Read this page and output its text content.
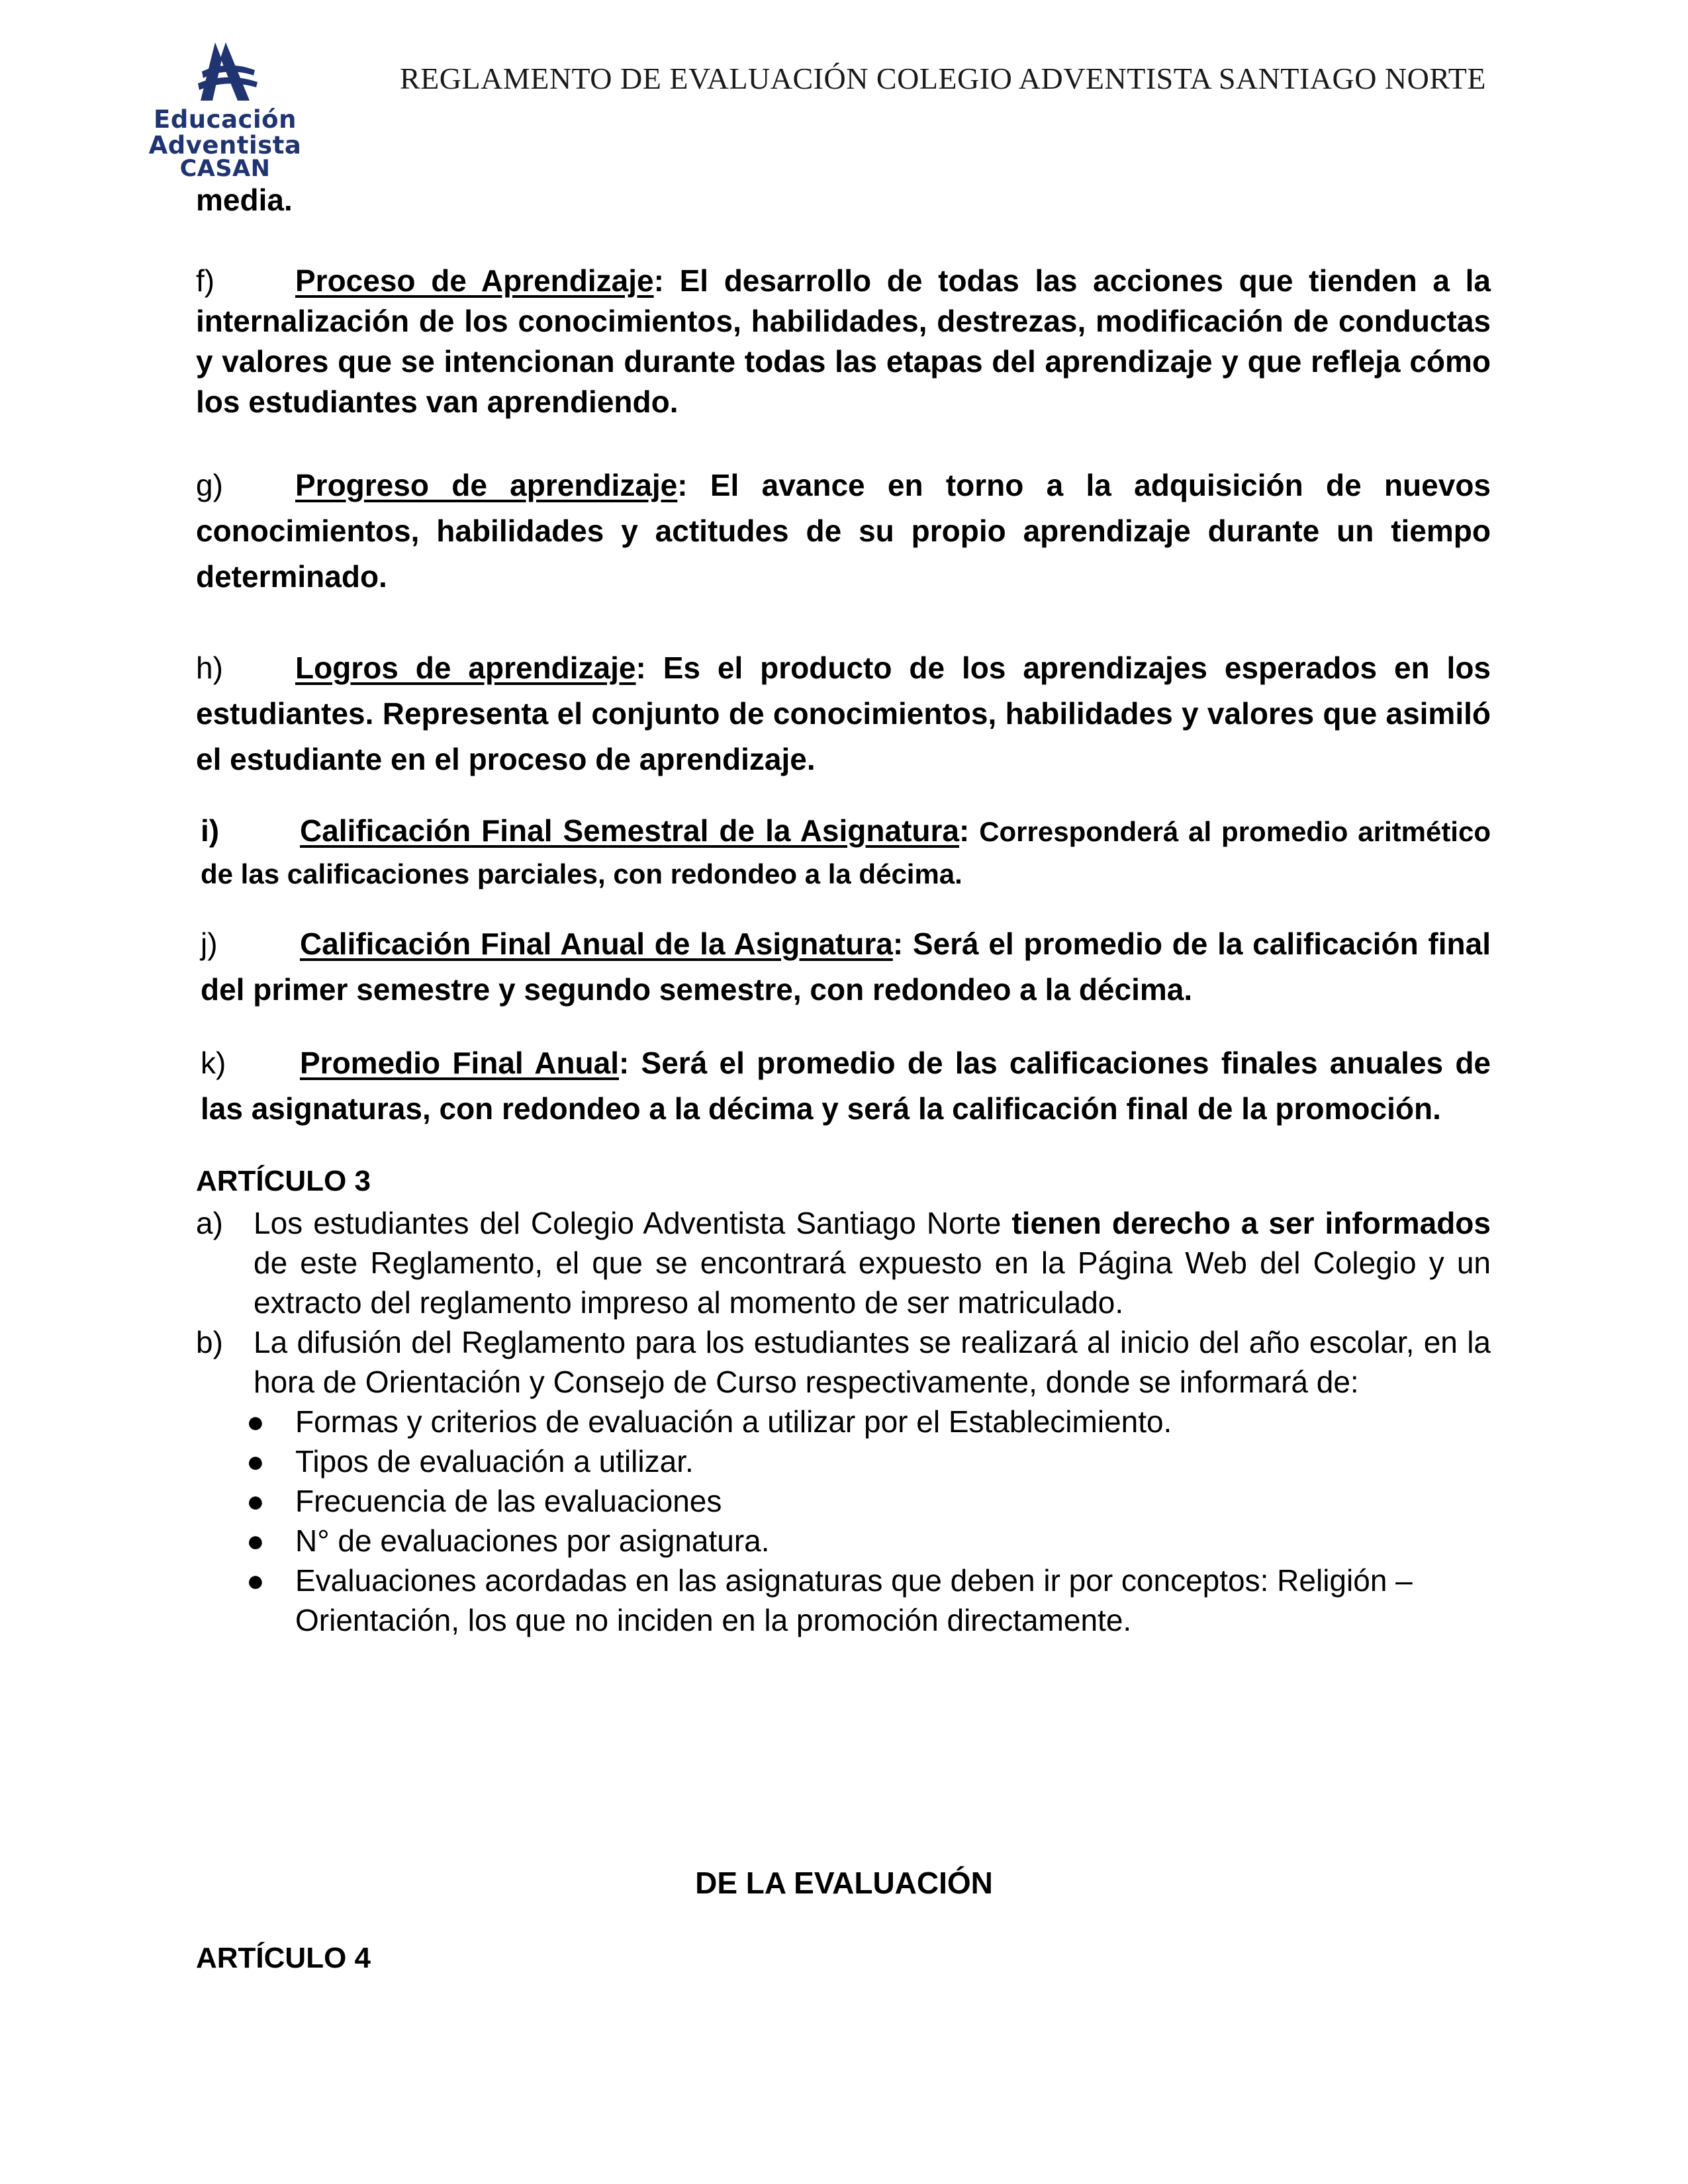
Educación
Adventista
CASAN
REGLAMENTO DE EVALUACIÓN COLEGIO ADVENTISTA SANTIAGO NORTE
media.
f)	Proceso de Aprendizaje: El desarrollo de todas las acciones que tienden a la internalización de los conocimientos, habilidades, destrezas, modificación de conductas y valores que se intencionan durante todas las etapas del aprendizaje y que refleja cómo los estudiantes van aprendiendo.
g) Progreso de aprendizaje: El avance en torno a la adquisición de nuevos conocimientos, habilidades y actitudes de su propio aprendizaje durante un tiempo determinado.
h) Logros de aprendizaje: Es el producto de los aprendizajes esperados en los estudiantes. Representa el conjunto de conocimientos, habilidades y valores que asimiló el estudiante en el proceso de aprendizaje.
i)	Calificación Final Semestral de la Asignatura: Corresponderá al promedio aritmético de las calificaciones parciales, con redondeo a la décima.
j)	Calificación Final Anual de la Asignatura: Será el promedio de la calificación final del primer semestre y segundo semestre, con redondeo a la décima.
k) Promedio Final Anual: Será el promedio de las calificaciones finales anuales de las asignaturas, con redondeo a la décima y será la calificación final de la promoción.
ARTÍCULO 3
a) Los estudiantes del Colegio Adventista Santiago Norte tienen derecho a ser informados de este Reglamento, el que se encontrará expuesto en la Página Web del Colegio y un extracto del reglamento impreso al momento de ser matriculado.
b) La difusión del Reglamento para los estudiantes se realizará al inicio del año escolar, en la hora de Orientación y Consejo de Curso respectivamente, donde se informará de:
● Formas y criterios de evaluación a utilizar por el Establecimiento.
● Tipos de evaluación a utilizar.
● Frecuencia de las evaluaciones
● N° de evaluaciones por asignatura.
● Evaluaciones acordadas en las asignaturas que deben ir por conceptos: Religión –Orientación, los que no inciden en la promoción directamente.
DE LA EVALUACIÓN
ARTÍCULO 4
